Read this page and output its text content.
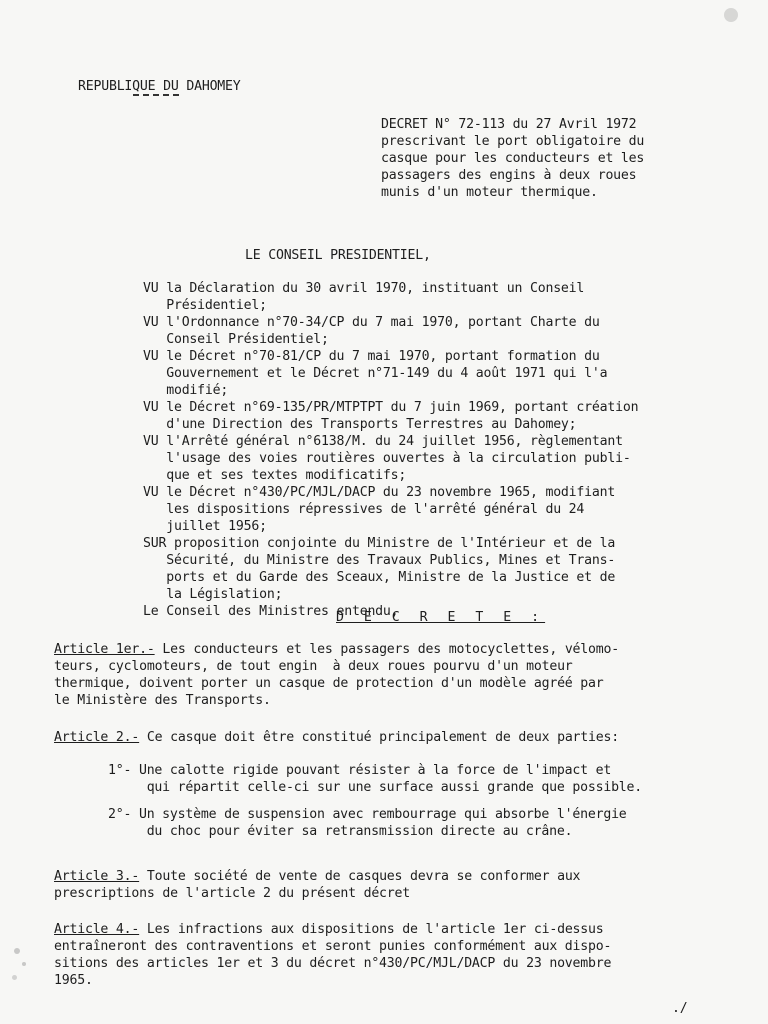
REPUBLIQUE DU DAHOMEY
DECRET N° 72-113 du 27 Avril 1972
prescrivant le port obligatoire du
casque pour les conducteurs et les
passagers des engins à deux roues
munis d'un moteur thermique.
LE CONSEIL PRESIDENTIEL,
VU la Déclaration du 30 avril 1970, instituant un Conseil
Présidentiel;
VU l'Ordonnance n°70-34/CP du 7 mai 1970, portant Charte du
Conseil Présidentiel;
VU le Décret n°70-81/CP du 7 mai 1970, portant formation du
Gouvernement et le Décret n°71-149 du 4 août 1971 qui l'a
modifié;
VU le Décret n°69-135/PR/MTPTPT du 7 juin 1969, portant création
d'une Direction des Transports Terrestres au Dahomey;
VU l'Arrêté général n°6138/M. du 24 juillet 1956, règlementant
l'usage des voies routières ouvertes à la circulation publi-
que et ses textes modificatifs;
VU le Décret n°430/PC/MJL/DACP du 23 novembre 1965, modifiant
les dispositions répressives de l'arrêté général du 24
juillet 1956;
SUR proposition conjointe du Ministre de l'Intérieur et de la
Sécurité, du Ministre des Travaux Publics, Mines et Trans-
ports et du Garde des Sceaux, Ministre de la Justice et de
la Législation;
Le Conseil des Ministres entendu,
D E C R E T E :
Article 1er.- Les conducteurs et les passagers des motocyclettes, vélomo-
teurs, cyclomoteurs, de tout engin  à deux roues pourvu d'un moteur
thermique, doivent porter un casque de protection d'un modèle agréé par
le Ministère des Transports.
Article 2.- Ce casque doit être constitué principalement de deux parties:
1°- Une calotte rigide pouvant résister à la force de l'impact et
qui répartit celle-ci sur une surface aussi grande que possible.
2°- Un système de suspension avec rembourrage qui absorbe l'énergie
du choc pour éviter sa retransmission directe au crâne.
Article 3.- Toute société de vente de casques devra se conformer aux
prescriptions de l'article 2 du présent décret
Article 4.- Les infractions aux dispositions de l'article 1er ci-dessus
entraîneront des contraventions et seront punies conformément aux dispo-
sitions des articles 1er et 3 du décret n°430/PC/MJL/DACP du 23 novembre
1965.
./
